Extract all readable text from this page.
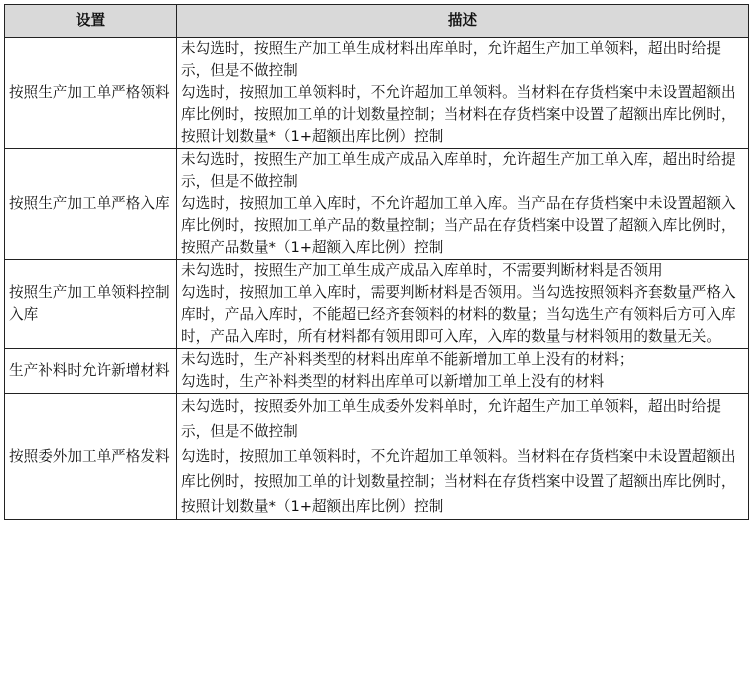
设置	描述
按照生产加工单严格领料	未勾选时，按照生产加工单生成材料出库单时，允许超生产加工单领料，超出时给提示，但是不做控制
勾选时，按照加工单领料时，不允许超加工单领料。当材料在存货档案中未设置超额出库比例时，按照加工单的计划数量控制；当材料在存货档案中设置了超额出库比例时，按照计划数量*（1+超额出库比例）控制

按照生产加工单严格入库	未勾选时，按照生产加工单生成产成品入库单时，允许超生产加工单入库，超出时给提示，但是不做控制
勾选时，按照加工单入库时，不允许超加工单入库。当产品在存货档案中未设置超额入库比例时，按照加工单产品的数量控制；当产品在存货档案中设置了超额入库比例时，按照产品数量*（1+超额入库比例）控制

按照生产加工单领料控制入库	未勾选时，按照生产加工单生成产成品入库单时，不需要判断材料是否领用
勾选时，按照加工单入库时，需要判断材料是否领用。当勾选按照领料齐套数量严格入库时，产品入库时，不能超已经齐套领料的材料的数量；当勾选生产有领料后方可入库时，产品入库时，所有材料都有领用即可入库，入库的数量与材料领用的数量无关。

生产补料时允许新增材料	未勾选时，生产补料类型的材料出库单不能新增加工单上没有的材料；
勾选时，生产补料类型的材料出库单可以新增加工单上没有的材料

按照委外加工单严格发料	未勾选时，按照委外加工单生成委外发料单时，允许超生产加工单领料，超出时给提示，但是不做控制
勾选时，按照加工单领料时，不允许超加工单领料。当材料在存货档案中未设置超额出库比例时，按照加工单的计划数量控制；当材料在存货档案中设置了超额出库比例时，按照计划数量*（1+超额出库比例）控制
